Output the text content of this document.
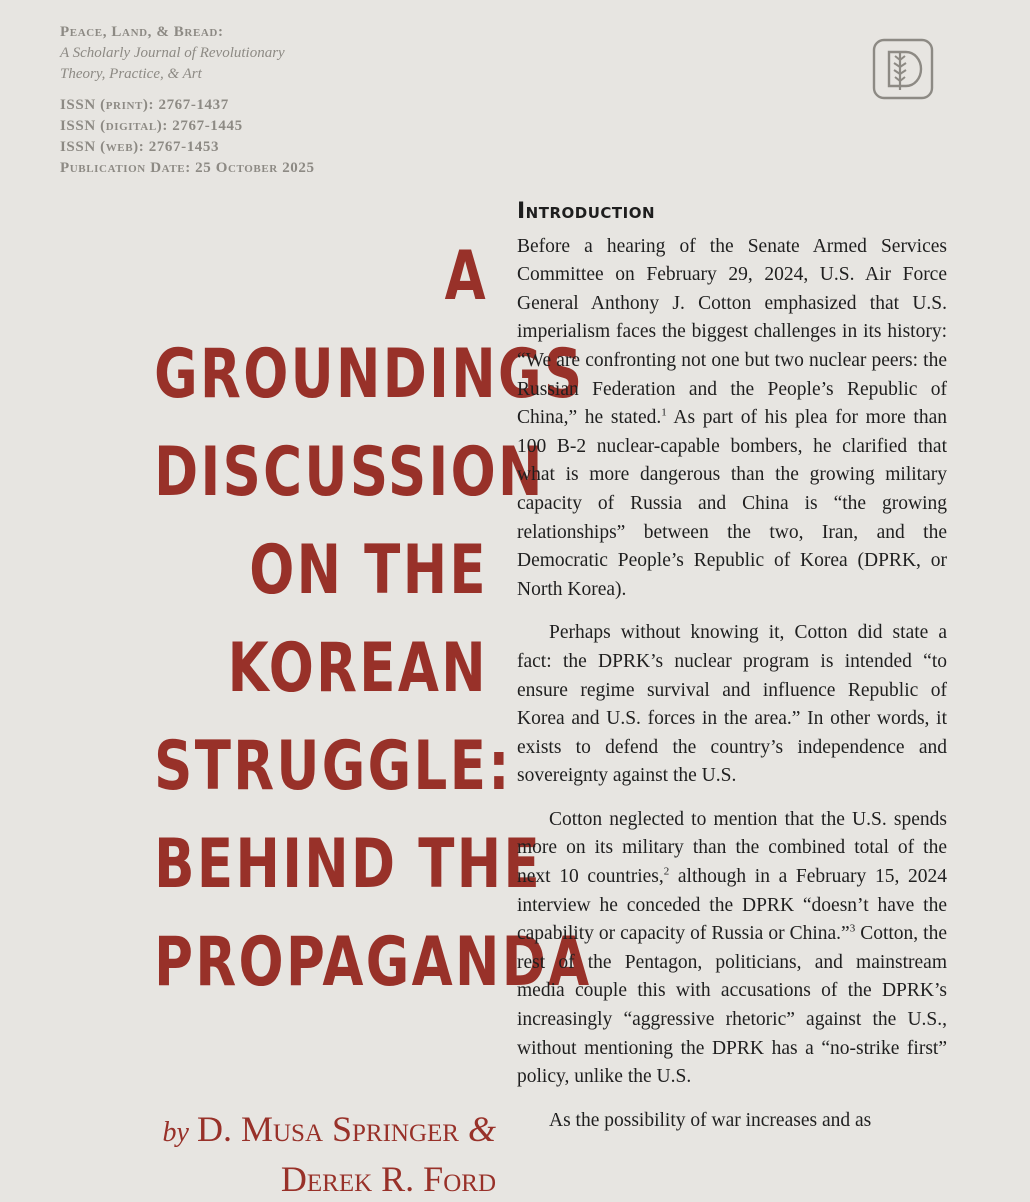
Peace, Land, & Bread:
A Scholarly Journal of Revolutionary
Theory, Practice, & Art
ISSN (print): 2767-1437
ISSN (digital): 2767-1445
ISSN (web): 2767-1453
Publication Date: 25 October 2025
A
GROUNDINGS
DISCUSSION
ON THE
KOREAN
STRUGGLE:
BEHIND THE
PROPAGANDA
by D. Musa Springer &
Derek R. Ford
Introduction

Before a hearing of the Senate Armed Services Committee on February 29, 2024, U.S. Air Force General Anthony J. Cotton emphasized that U.S. imperialism faces the biggest challenges in its history: “We are confronting not one but two nuclear peers: the Russian Federation and the People’s Republic of China,” he stated.$^1$ As part of his plea for more than 100 B-2 nuclear-capable bombers, he clarified that what is more dangerous than the growing military capacity of Russia and China is “the growing relationships” between the two, Iran, and the Democratic People’s Republic of Korea (DPRK, or North Korea).

Perhaps without knowing it, Cotton did state a fact: the DPRK’s nuclear program is intended “to ensure regime survival and influence Republic of Korea and U.S. forces in the area.” In other words, it exists to defend the country’s independence and sovereignty against the U.S.

Cotton neglected to mention that the U.S. spends more on its military than the combined total of the next 10 countries,$^2$ although in a February 15, 2024 interview he conceded the DPRK “doesn’t have the capability or capacity of Russia or China.”$^3$ Cotton, the rest of the Pentagon, politicians, and mainstream media couple this with accusations of the DPRK’s increasingly “aggressive rhetoric” against the U.S., without mentioning the DPRK has a “no-strike first” policy, unlike the U.S.

As the possibility of war increases and as
